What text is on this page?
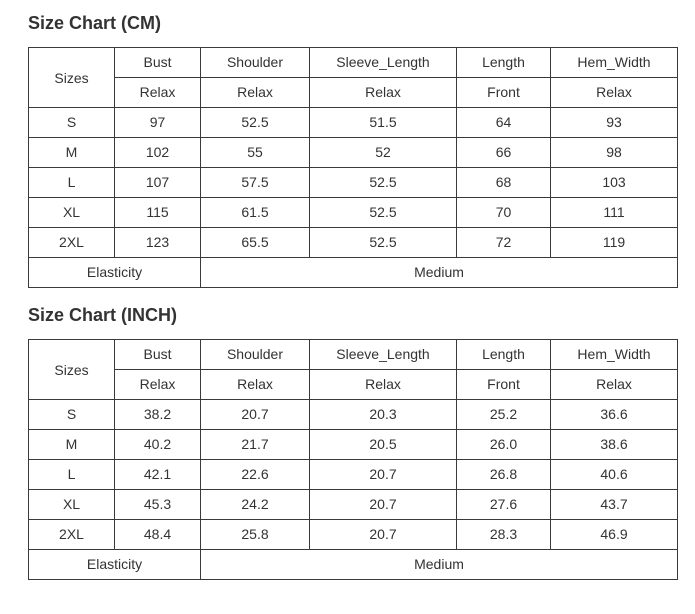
Size Chart (CM)
Sizes	Bust	Shoulder	Sleeve_Length	Length	Hem_Width
	Relax	Relax	Relax	Front	Relax
S	97	52.5	51.5	64	93
M	102	55	52	66	98
L	107	57.5	52.5	68	103
XL	115	61.5	52.5	70	111
2XL	123	65.5	52.5	72	119
Elasticity		Medium			
Size Chart (INCH)
Sizes	Bust	Shoulder	Sleeve_Length	Length	Hem_Width
	Relax	Relax	Relax	Front	Relax
S	38.2	20.7	20.3	25.2	36.6
M	40.2	21.7	20.5	26.0	38.6
L	42.1	22.6	20.7	26.8	40.6
XL	45.3	24.2	20.7	27.6	43.7
2XL	48.4	25.8	20.7	28.3	46.9
Elasticity		Medium			
